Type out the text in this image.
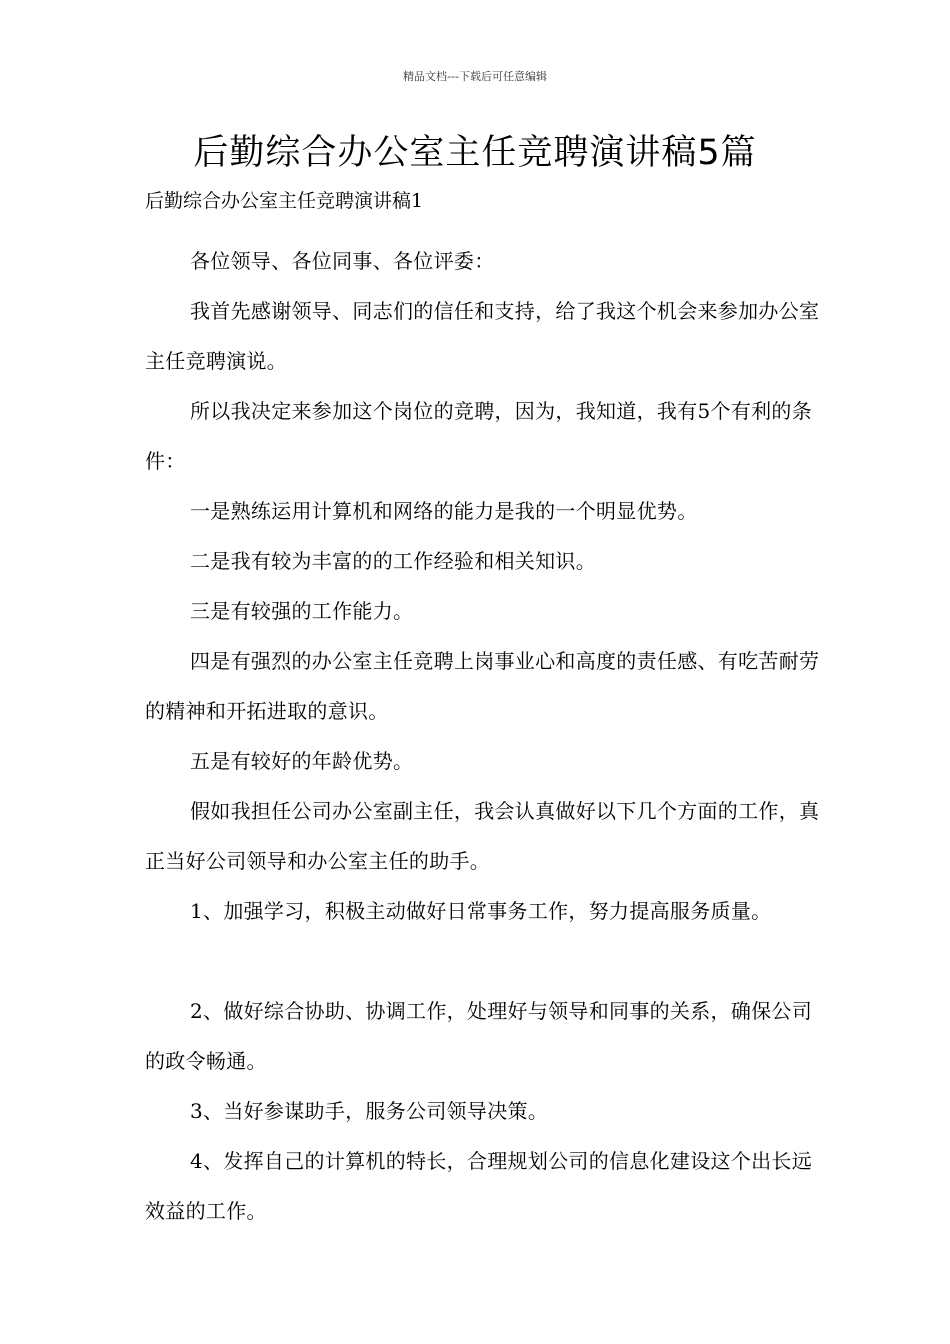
精品文档---下载后可任意编辑
后勤综合办公室主任竞聘演讲稿5篇

后勤综合办公室主任竞聘演讲稿1

各位领导、各位同事、各位评委：

我首先感谢领导、同志们的信任和支持，给了我这个机会来参加办公室主任竞聘演说。

所以我决定来参加这个岗位的竞聘，因为，我知道，我有5个有利的条件：

一是熟练运用计算机和网络的能力是我的一个明显优势。

二是我有较为丰富的的工作经验和相关知识。

三是有较强的工作能力。

四是有强烈的办公室主任竞聘上岗事业心和高度的责任感、有吃苦耐劳的精神和开拓进取的意识。

五是有较好的年龄优势。

假如我担任公司办公室副主任，我会认真做好以下几个方面的工作，真正当好公司领导和办公室主任的助手。

1、加强学习，积极主动做好日常事务工作，努力提高服务质量。

2、做好综合协助、协调工作，处理好与领导和同事的关系，确保公司的政令畅通。

3、当好参谋助手，服务公司领导决策。

4、发挥自己的计算机的特长，合理规划公司的信息化建设这个出长远效益的工作。
